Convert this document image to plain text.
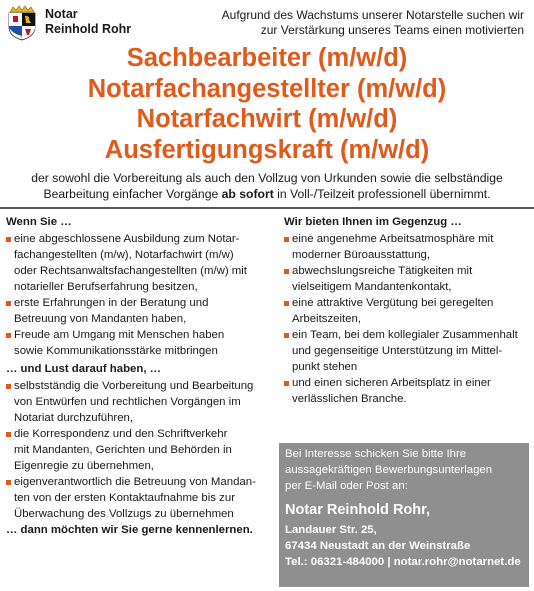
Notar
Reinhold Rohr
Aufgrund des Wachstums unserer Notarstelle suchen wir
zur Verstärkung unseres Teams einen motivierten
Sachbearbeiter (m/w/d)
Notarfachangestellter (m/w/d)
Notarfachwirt (m/w/d)
Ausfertigungskraft (m/w/d)
der sowohl die Vorbereitung als auch den Vollzug von Urkunden sowie die selbständige
Bearbeitung einfacher Vorgänge ab sofort in Voll-/Teilzeit professionell übernimmt.
Wenn Sie …
eine abgeschlossene Ausbildung zum Notar-
fachangestellten (m/w), Notarfachwirt (m/w)
oder Rechtsanwaltsfachangestellten (m/w) mit
notarieller Berufserfahrung besitzen,
erste Erfahrungen in der Beratung und
Betreuung von Mandanten haben,
Freude am Umgang mit Menschen haben
sowie Kommunikationsstärke mitbringen
… und Lust darauf haben, …
selbstständig die Vorbereitung und Bearbeitung
von Entwürfen und rechtlichen Vorgängen im
Notariat durchzuführen,
die Korrespondenz und den Schriftverkehr
mit Mandanten, Gerichten und Behörden in
Eigenregie zu übernehmen,
eigenverantwortlich die Betreuung von Mandan-
ten von der ersten Kontaktaufnahme bis zur
Überwachung des Vollzugs zu übernehmen
… dann möchten wir Sie gerne kennenlernen.
Wir bieten Ihnen im Gegenzug …
eine angenehme Arbeitsatmosphäre mit
moderner Büroausstattung,
abwechslungsreiche Tätigkeiten mit
vielseitigem Mandantenkontakt,
eine attraktive Vergütung bei geregelten
Arbeitszeiten,
ein Team, bei dem kollegialer Zusammenhalt
und gegenseitige Unterstützung im Mittel-
punkt stehen
und einen sicheren Arbeitsplatz in einer
verlässlichen Branche.
Bei Interesse schicken Sie bitte Ihre
aussagekräftigen Bewerbungsunterlagen
per E-Mail oder Post an:
Notar Reinhold Rohr,
Landauer Str. 25,
67434 Neustadt an der Weinstraße
Tel.: 06321-484000 | notar.rohr@notarnet.de
